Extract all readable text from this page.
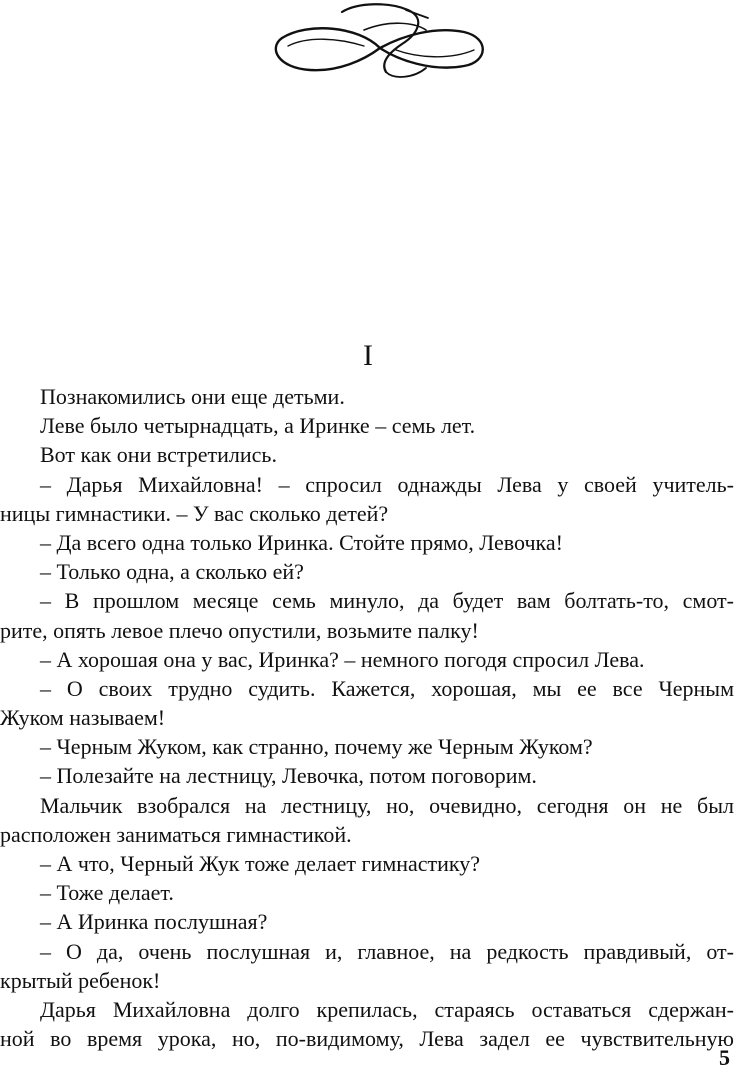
I
Познакомились они еще детьми.
Леве было четырнадцать, а Иринке – семь лет.
Вот как они встретились.
– Дарья Михайловна! – спросил однажды Лева у своей учитель-
ницы гимнастики. – У вас сколько детей?
– Да всего одна только Иринка. Стойте прямо, Левочка!
– Только одна, а сколько ей?
– В прошлом месяце семь минуло, да будет вам болтать-то, смот-
рите, опять левое плечо опустили, возьмите палку!
– А хорошая она у вас, Иринка? – немного погодя спросил Лева.
– О своих трудно судить. Кажется, хорошая, мы ее все Черным
Жуком называем!
– Черным Жуком, как странно, почему же Черным Жуком?
– Полезайте на лестницу, Левочка, потом поговорим.
Мальчик взобрался на лестницу, но, очевидно, сегодня он не был
расположен заниматься гимнастикой.
– А что, Черный Жук тоже делает гимнастику?
– Тоже делает.
– А Иринка послушная?
– О да, очень послушная и, главное, на редкость правдивый, от-
крытый ребенок!
Дарья Михайловна долго крепилась, стараясь оставаться сдержан-
ной во время урока, но, по-видимому, Лева задел ее чувствительную
5
